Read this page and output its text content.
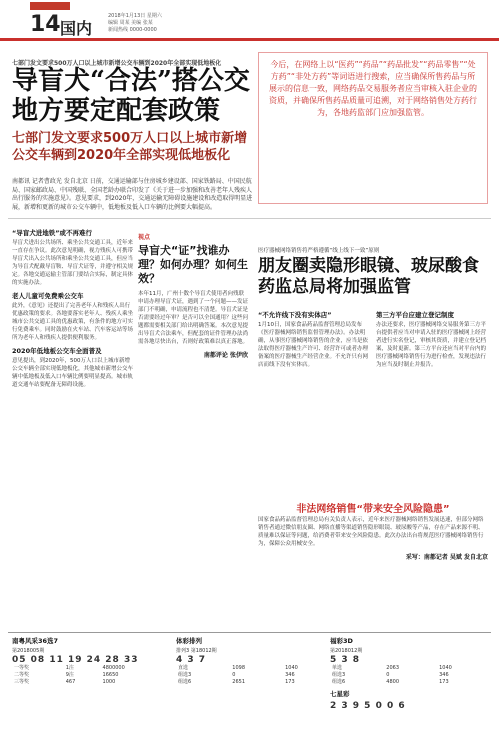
14 国内
2018年1月13日 星期六
编辑 周某 美编 张某
新闻热线 0000-0000
七部门发文要求500万人口以上城市新增公交车辆到2020年全部实现低地板化
导盲犬“合法”搭公交
地方要定配套政策
七部门发文要求500万人口以上城市新增公交车辆到2020年全部实现低地板化
南都讯 记者曹政光 发自北京 日前，交通运输部与住房城乡建设部、国家铁路局、中国民航局、国家邮政局、中国残联、全国老龄办联合印发了《关于进一步加强和改善老年人残疾人出行服务的实施意见》。意见要求，到2020年，交通运输无障碍设施建设和改造取得明显进展，新增和更新的城市公交车辆中，低地板及低入口车辆的比例要大幅提高。
今后，在网络上以“医药”“药品”“药品批发”“药品零售”“处方药”“非处方药”等词语进行搜索，应当确保所售药品与所展示的信息一致，网络药品交易服务者应当审核入驻企业的资质，并确保所售药品质量可追溯，对于网络销售处方药行为，各地药监部门应加强监管。
“导盲犬进地铁”或不再难行
导盲犬进出公共场所、乘坐公共交通工具，近年来一直存在争议。此次意见明确，视力残疾人可携带导盲犬出入公共场所和乘坐公共交通工具，但应当为导盲犬配戴导盲鞍、导盲犬证等，并遵守相关规定。各地交通运输主管部门要结合实际，制定具体的实施办法。
老人儿童可免费乘公交车
此外，《意见》还提出了完善老年人和残疾人出行优惠政策的要求。各地要落实老年人、残疾人乘坐城市公共交通工具的优惠政策，有条件的地方可实行免费乘车。同时鼓励在火车站、汽车客运站等场所为老年人和残疾人提供便利服务。
2020年低地板公交车全面普及
意见提出，到2020年，500万人口以上城市新增公交车辆全部实现低地板化，其他城市新增公交车辆中低地板及低入口车辆比例要明显提高。城市轨道交通车站要配备无障碍设施。
视点
导盲犬“证”找谁办理？如何办理？如何生效？
本年11月，广州十数个导盲犬使用者向残联申请办理导盲犬证，遇到了一个问题——发证部门不明确，申请流程也不清楚。导盲犬证是否需要经过年审？是否可以全国通用？这些问题都需要相关部门给出明确答案。本次意见提出导盲犬合法乘车，但配套的证件管理办法尚需各地尽快出台，否则好政策难以真正落地。
南都评论 张伊欣
医疗器械网络销售将严格遵循“线上线下一致”原则
朋友圈卖隐形眼镜、玻尿酸食药监总局将加强监管
“不允许线下没有实体店”
1月10日，国家食品药品监督管理总局发布《医疗器械网络销售监督管理办法》。办法明确，从事医疗器械网络销售的企业，应当是依法取得医疗器械生产许可、经营许可或者办理备案的医疗器械生产经营企业。不允许只有网店而线下没有实体店。
第三方平台应建立登记制度
办法还要求，医疗器械网络交易服务第三方平台提供者应当对申请入驻的医疗器械网上经营者进行实名登记，审核其资质，并建立登记档案，及时更新。第三方平台还应当对平台内的医疗器械网络销售行为进行检查，发现违法行为应当及时制止并报告。
非法网络销售“带来安全风险隐患”
国家食品药品监督管理总局有关负责人表示，近年来医疗器械网络销售发展迅速，但部分网络销售者通过微信朋友圈、网络直播等渠道销售隐形眼镜、玻尿酸等产品，存在产品来源不明、质量难以保证等问题，给消费者带来安全风险隐患。此次办法出台将规范医疗器械网络销售行为，保障公众用械安全。
采写：南都记者 吴斌 发自北京
南粤风采36选7
第2018005期
05 08 11 19 24 28 33
一等奖	1注	4800000
二等奖	9注	16650
三等奖	467	1000
体彩排列
排列3 第18012期
4 3 7
直选	1098	1040
组选3	0	346
组选6	2651	173
福彩3D
第2018012期
5 3 8
单选	2063	1040
组选3	0	346
组选6	4800	173
七星彩
2 3 9 5 0 0 6
